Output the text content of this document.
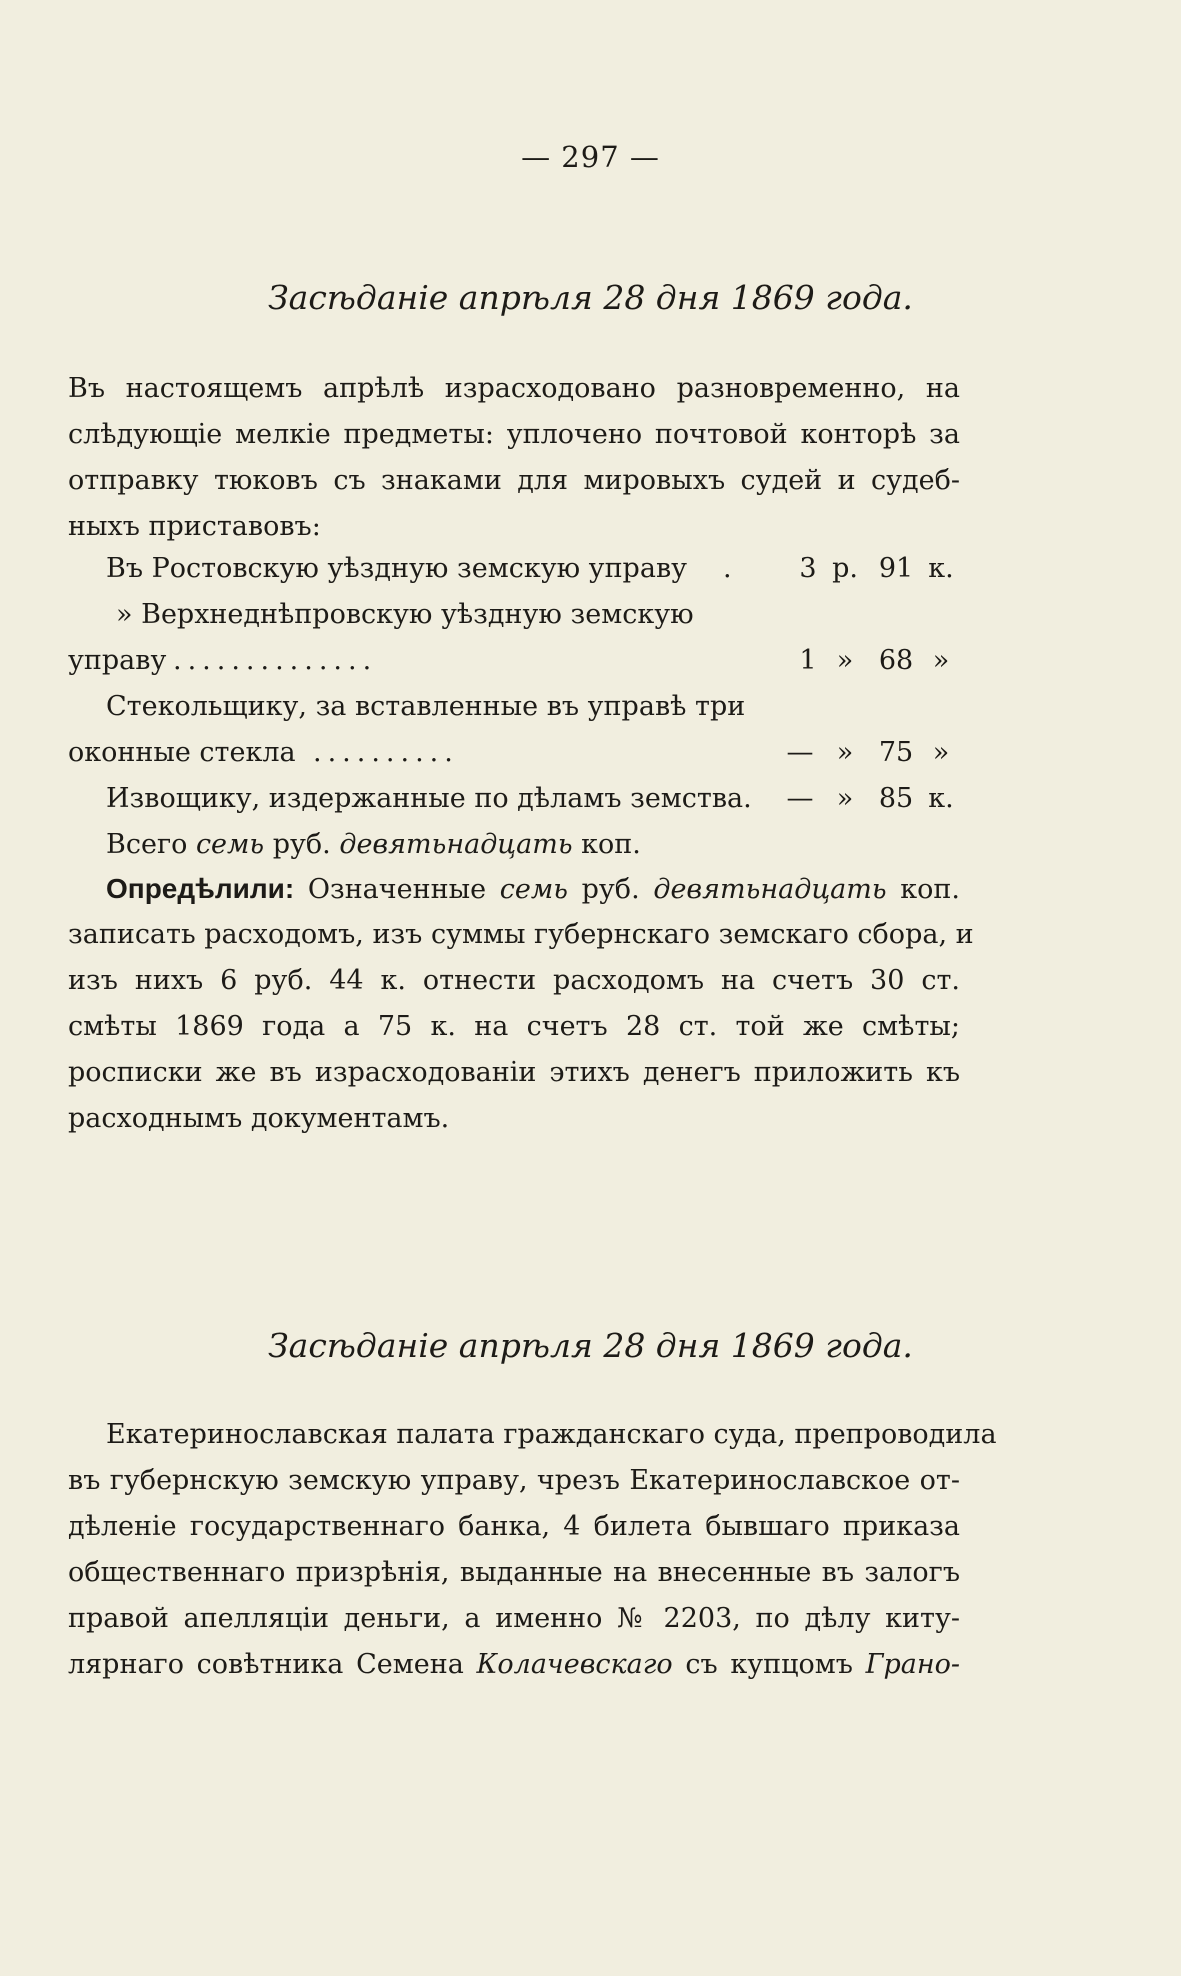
— 297 —
Засѣданіе апрѣля 28 дня 1869 года.
Въ настоящемъ апрѣлѣ израсходовано разновременно, на
слѣдующіе мелкіе предметы: уплочено почтовой конторѣ за
отправку тюковъ съ знаками для мировыхъ судей и судеб-
ныхъ приставовъ:
Въ Ростовскую уѣздную земскую управу .	3 р. 91 к.
» Верхнеднѣпровскую уѣздную земскую
управу ..............	1 » 68 »
Стекольщику, за вставленные въ управѣ три
оконные стекла ..........	— » 75 »
Извощику, издержанные по дѣламъ земства. — » 85 к.
Всего семь руб. девятьнадцать коп.
Опредѣлили: Означенные семь руб. девятьнадцать коп.
записать расходомъ, изъ суммы губернскаго земскаго сбора, и
изъ нихъ 6 руб. 44 к. отнести расходомъ на счетъ 30 ст.
смѣты 1869 года а 75 к. на счетъ 28 ст. той же смѣты;
росписки же въ израсходованіи этихъ денегъ приложить къ
расходнымъ документамъ.
Засѣданіе апрѣля 28 дня 1869 года.
Екатеринославская палата гражданскаго суда, препроводила
въ губернскую земскую управу, чрезъ Екатеринославское от-
дѣленіе государственнаго банка, 4 билета бывшаго приказа
общественнаго призрѣнія, выданные на внесенные въ залогъ
правой апелляціи деньги, а именно № 2203, по дѣлу киту-
лярнаго совѣтника Семена Колачевскаго съ купцомъ Грано-
